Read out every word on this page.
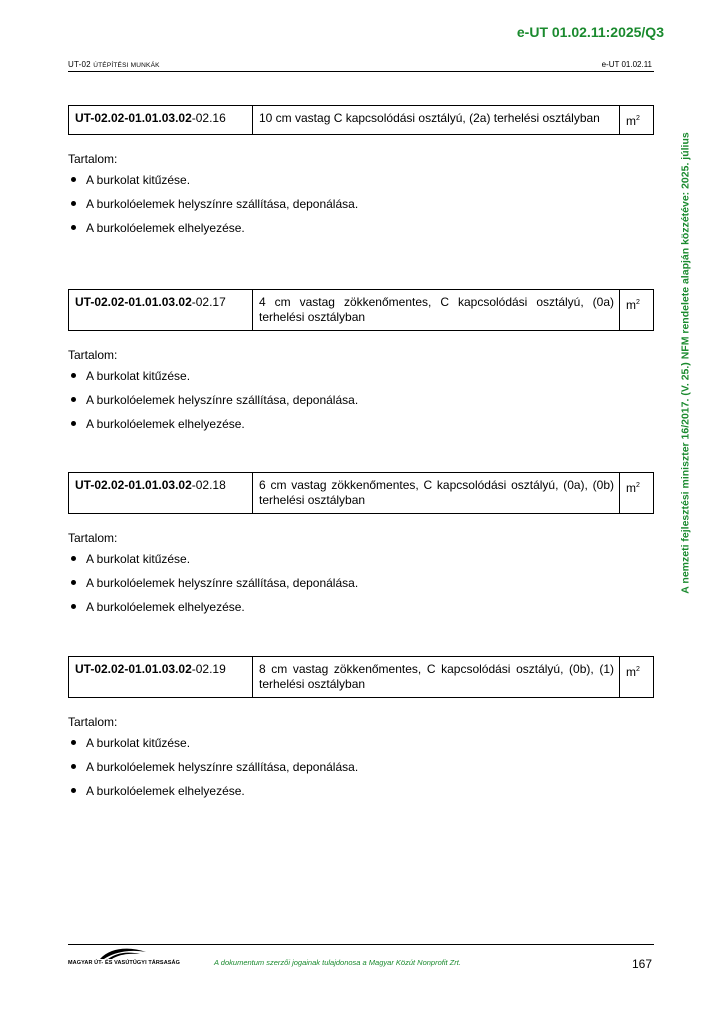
e-UT 01.02.11:2025/Q3
UT-02 ÚTÉPÍTÉSI MUNKÁK	e-UT 01.02.11
A nemzeti fejlesztési miniszter 16/2017. (V. 25.) NFM rendelete alapján közzétéve: 2025. július
UT-02.02-01.01.03.02-02.16	10 cm vastag C kapcsolódási osztályú, (2a) terhelési osztályban	$m^2$
Tartalom:
A burkolat kitűzése.
A burkolóelemek helyszínre szállítása, deponálása.
A burkolóelemek elhelyezése.
UT-02.02-01.01.03.02-02.17	4 cm vastag zökkenőmentes, C kapcsolódási osztályú, (0a) terhelési osztályban	$m^2$
Tartalom:
A burkolat kitűzése.
A burkolóelemek helyszínre szállítása, deponálása.
A burkolóelemek elhelyezése.
UT-02.02-01.01.03.02-02.18	6 cm vastag zökkenőmentes, C kapcsolódási osztályú, (0a), (0b) terhelési osztályban	$m^2$
Tartalom:
A burkolat kitűzése.
A burkolóelemek helyszínre szállítása, deponálása.
A burkolóelemek elhelyezése.
UT-02.02-01.01.03.02-02.19	8 cm vastag zökkenőmentes, C kapcsolódási osztályú, (0b), (1) terhelési osztályban	$m^2$
Tartalom:
A burkolat kitűzése.
A burkolóelemek helyszínre szállítása, deponálása.
A burkolóelemek elhelyezése.
MAGYAR ÚT- ÉS VASÚTÜGYI TÁRSASÁG	A dokumentum szerzői jogainak tulajdonosa a Magyar Közút Nonprofit Zrt.	167
